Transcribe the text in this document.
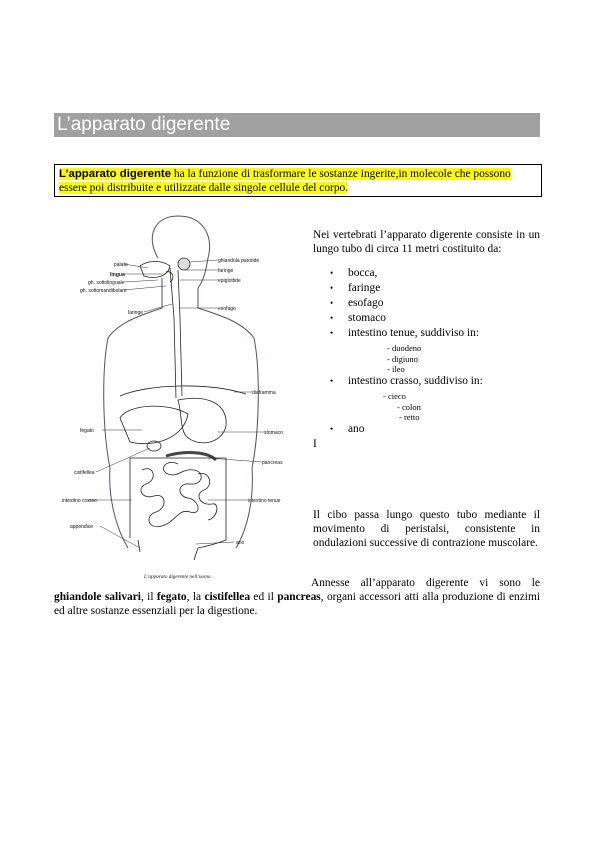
L’apparato digerente
L’apparato digerente ha la funzione di trasformare le sostanze ingerite,in molecole che possono essere poi distribuite e utilizzate dalle singole cellule del corpo.
palato
lingua
gh. sottolinguale
gh. sottomandibolare
laringe
ghiandola parotide
faringe
epiglottide
esofago
diaframma
stomaco
fegato
cistifellea
pancreas
intestino crasso	intestino tenue
appendice
ano
L’apparato digerente nell’uomo.
Nei vertebrati l’apparato digerente consiste in un lungo tubo di circa 11 metri costituito da:
• bocca,
• faringe
• esofago
• stomaco
• intestino tenue, suddiviso in:
- duodeno
- digiuno
- ileo
• intestino crasso, suddiviso in:
- cieco
- colon
- retto
• ano
I
Il cibo passa lungo questo tubo mediante il movimento di peristalsi, consistente in ondulazioni successive di contrazione muscolare.
Annesse all’apparato digerente vi sono le ghiandole salivari, il fegato, la cistifellea ed il pancreas, organi accessori atti alla produzione di enzimi ed altre sostanze essenziali per la digestione.
